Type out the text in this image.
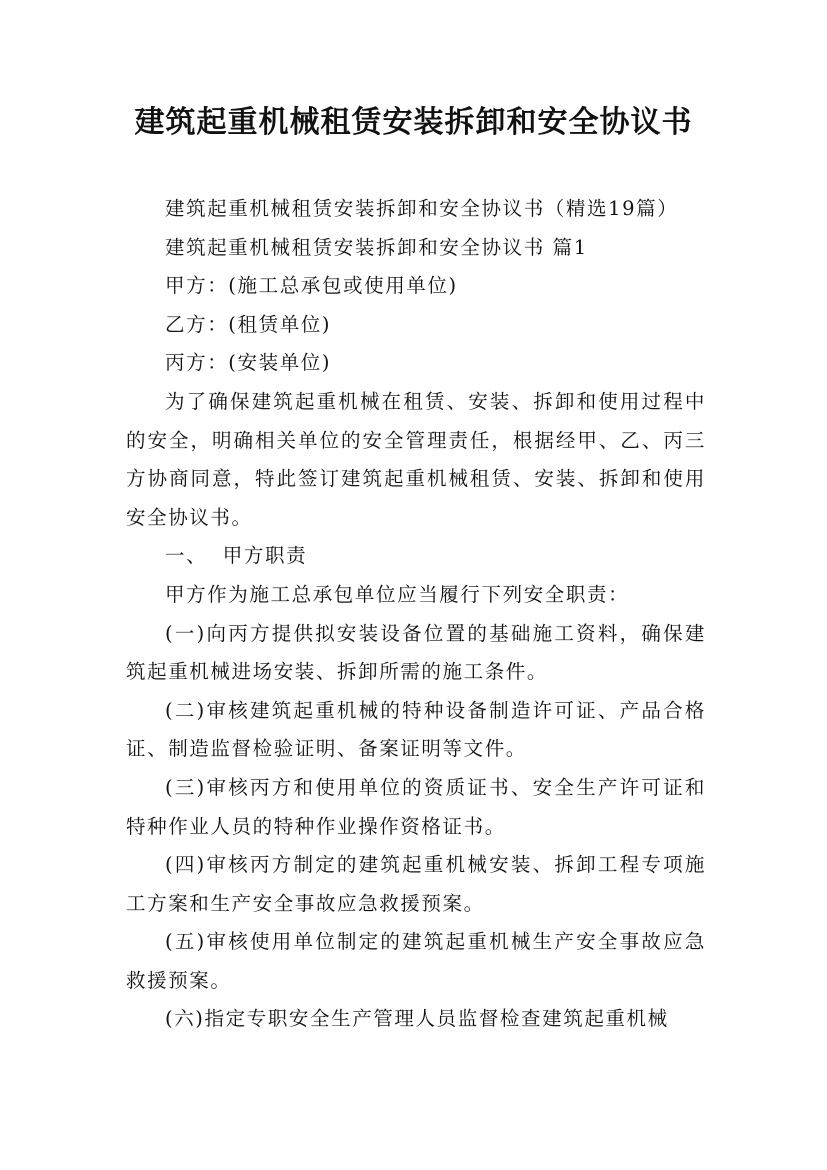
建筑起重机械租赁安装拆卸和安全协议书

建筑起重机械租赁安装拆卸和安全协议书（精选19篇）

建筑起重机械租赁安装拆卸和安全协议书 篇1

甲方：(施工总承包或使用单位)

乙方：(租赁单位)

丙方：(安装单位)

为了确保建筑起重机械在租赁、安装、拆卸和使用过程中的安全，明确相关单位的安全管理责任，根据经甲、乙、丙三方协商同意，特此签订建筑起重机械租赁、安装、拆卸和使用安全协议书。

一、  甲方职责

甲方作为施工总承包单位应当履行下列安全职责：

(一)向丙方提供拟安装设备位置的基础施工资料，确保建筑起重机械进场安装、拆卸所需的施工条件。

(二)审核建筑起重机械的特种设备制造许可证、产品合格证、制造监督检验证明、备案证明等文件。

(三)审核丙方和使用单位的资质证书、安全生产许可证和特种作业人员的特种作业操作资格证书。

(四)审核丙方制定的建筑起重机械安装、拆卸工程专项施工方案和生产安全事故应急救援预案。

(五)审核使用单位制定的建筑起重机械生产安全事故应急救援预案。

(六)指定专职安全生产管理人员监督检查建筑起重机械
